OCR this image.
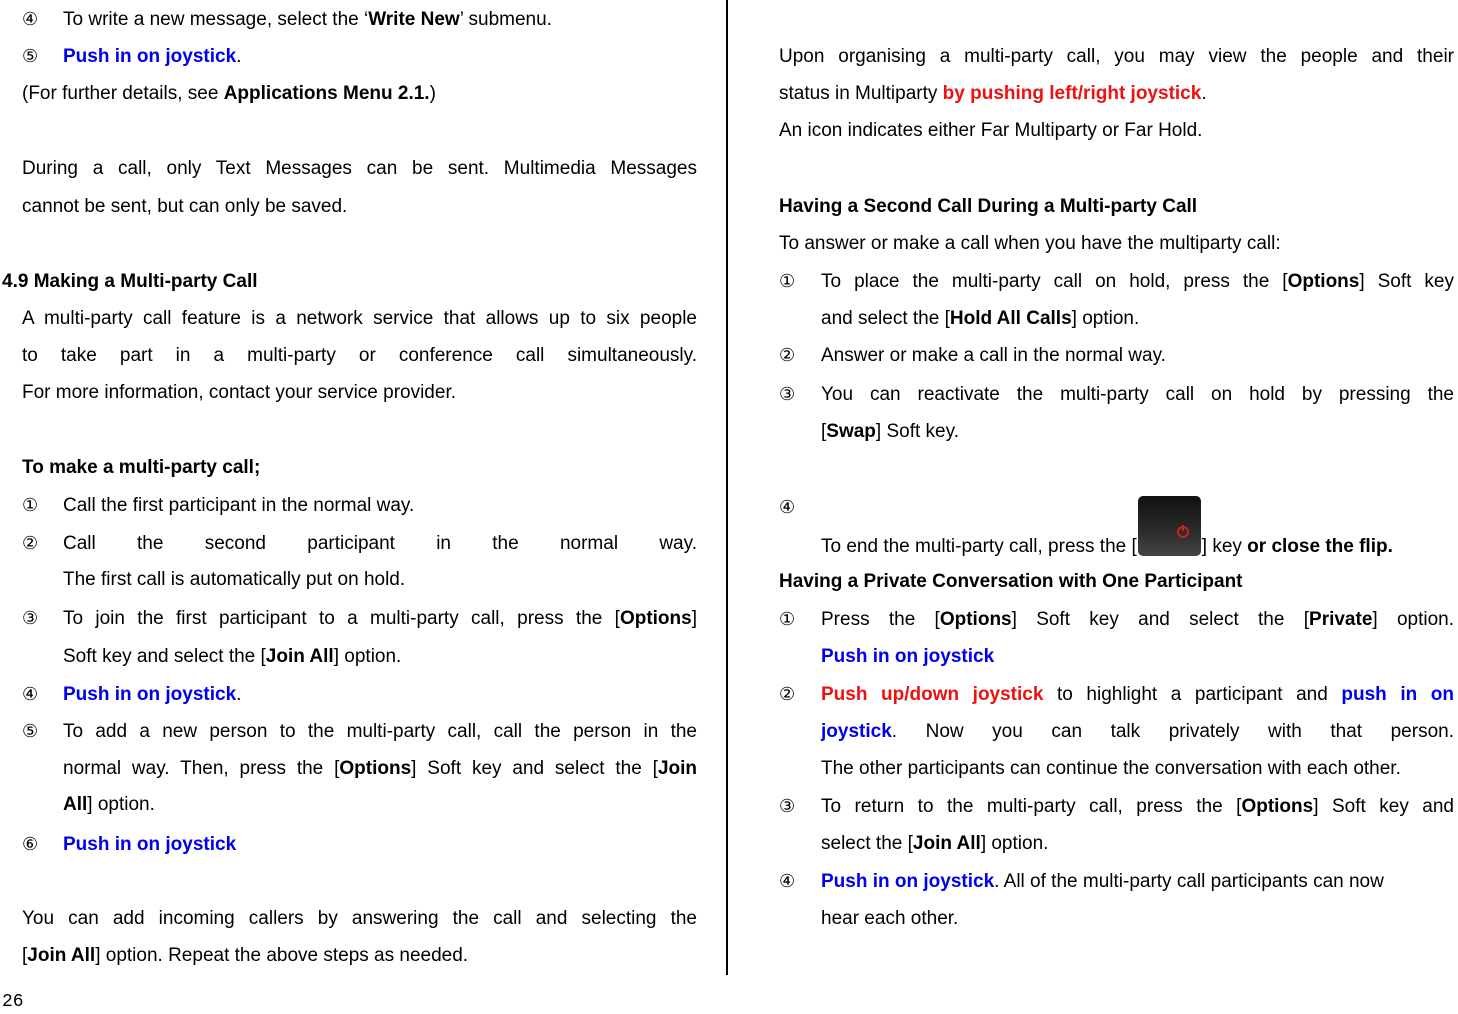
④ To write a new message, select the ‘Write New’ submenu.
⑤ Push in on joystick.
(For further details, see Applications Menu 2.1.)
During a call, only Text Messages can be sent. Multimedia Messages
cannot be sent, but can only be saved.
4.9 Making a Multi-party Call
A multi-party call feature is a network service that allows up to six people
to take part in a multi-party or conference call simultaneously.
For more information, contact your service provider.
To make a multi-party call;
① Call the first participant in the normal way.
② Call the second participant in the normal way.
The first call is automatically put on hold.
③ To join the first participant to a multi-party call, press the [Options]
Soft key and select the [Join All] option.
④ Push in on joystick.
⑤ To add a new person to the multi-party call, call the person in the
normal way. Then, press the [Options] Soft key and select the [Join
All] option.
⑥ Push in on joystick
You can add incoming callers by answering the call and selecting the
[Join All] option. Repeat the above steps as needed.
Upon organising a multi-party call, you may view the people and their
status in Multiparty by pushing left/right joystick.
An icon indicates either Far Multiparty or Far Hold.
Having a Second Call During a Multi-party Call
To answer or make a call when you have the multiparty call:
① To place the multi-party call on hold, press the [Options] Soft key
and select the [Hold All Calls] option.
② Answer or make a call in the normal way.
③ You can reactivate the multi-party call on hold by pressing the
[Swap] Soft key.
④
To end the multi-party call, press the [	] key or close the flip.
Having a Private Conversation with One Participant
① Press the [Options] Soft key and select the [Private] option.
Push in on joystick
② Push up/down joystick to highlight a participant and push in on
joystick. Now you can talk privately with that person.
The other participants can continue the conversation with each other.
③ To return to the multi-party call, press the [Options] Soft key and
select the [Join All] option.
④ Push in on joystick. All of the multi-party call participants can now
hear each other.
26
